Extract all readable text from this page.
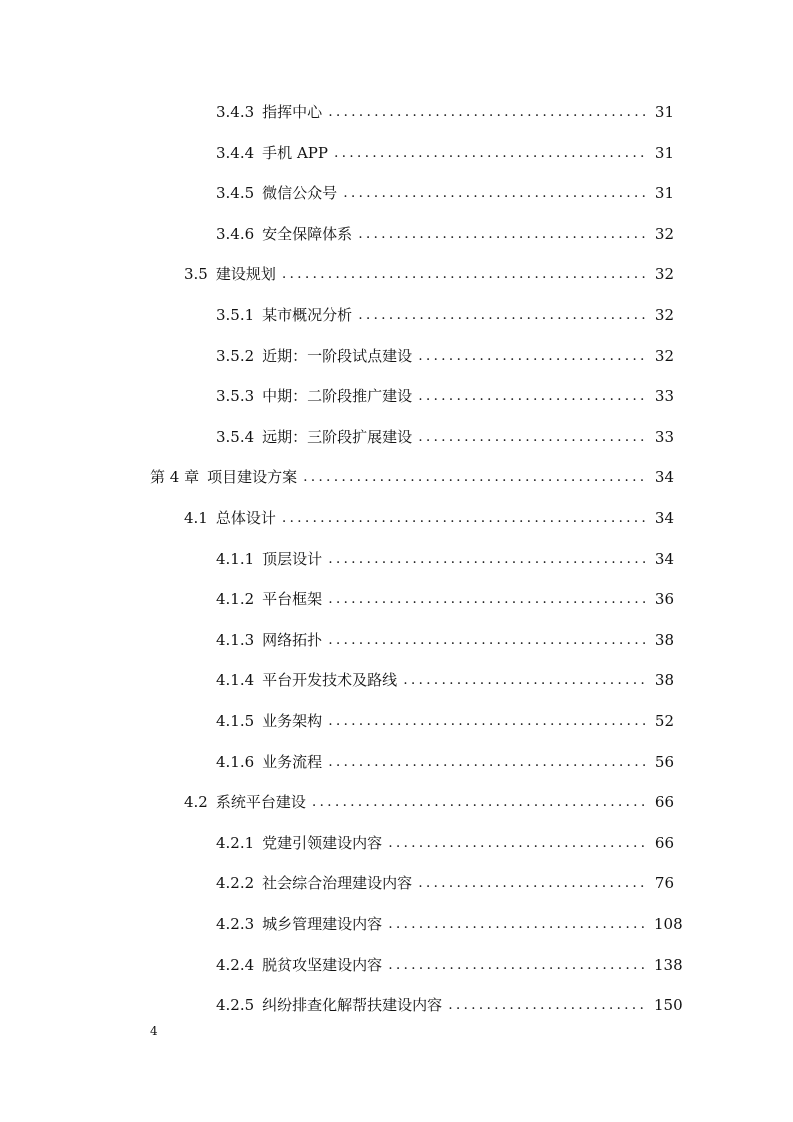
3.4.3 指挥中心 .....	31
3.4.4 手机 APP .....	31
3.4.5 微信公众号 .....	31
3.4.6 安全保障体系 .....	32
3.5 建设规划 .....	32
3.5.1 某市概况分析 .....	32
3.5.2 近期：一阶段试点建设 .....	32
3.5.3 中期：二阶段推广建设 .....	33
3.5.4 远期：三阶段扩展建设 .....	33
第 4 章 项目建设方案 .....	34
4.1 总体设计 .....	34
4.1.1 顶层设计 .....	34
4.1.2 平台框架 .....	36
4.1.3 网络拓扑 .....	38
4.1.4 平台开发技术及路线 .....	38
4.1.5 业务架构 .....	52
4.1.6 业务流程 .....	56
4.2 系统平台建设 .....	66
4.2.1 党建引领建设内容 .....	66
4.2.2 社会综合治理建设内容 .....	76
4.2.3 城乡管理建设内容 .....	108
4.2.4 脱贫攻坚建设内容 .....	138
4.2.5 纠纷排查化解帮扶建设内容 .....	150
4
